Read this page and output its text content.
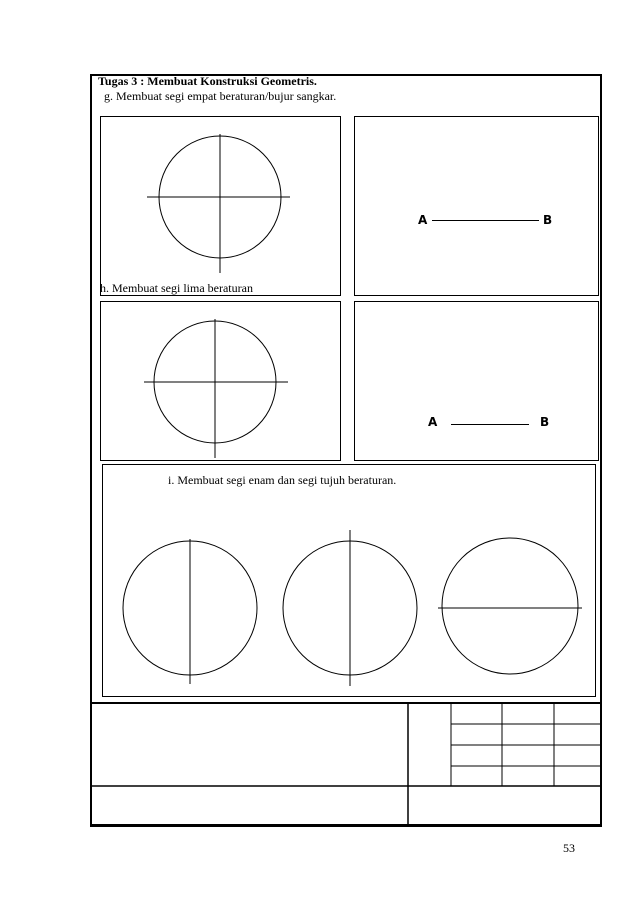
Tugas 3 : Membuat Konstruksi Geometris.
g. Membuat segi empat beraturan/bujur sangkar.
h. Membuat segi lima beraturan
A	B
A	B
i. Membuat segi enam dan segi tujuh beraturan.
53
